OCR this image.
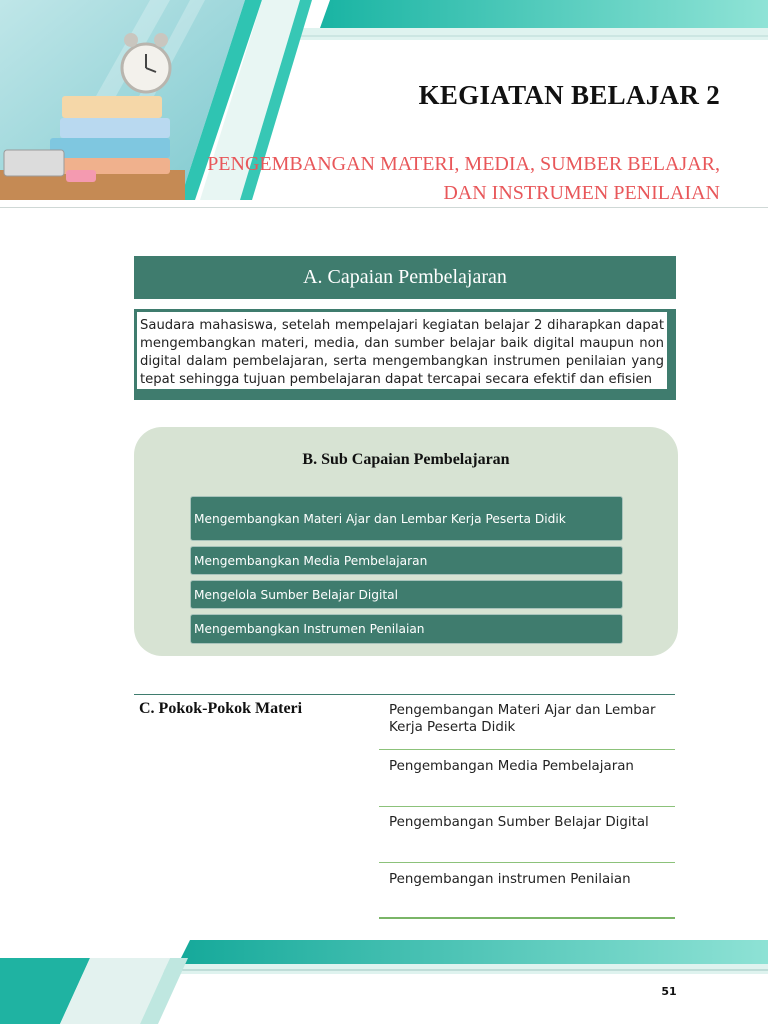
KEGIATAN BELAJAR 2
PENGEMBANGAN MATERI, MEDIA, SUMBER BELAJAR,
DAN INSTRUMEN PENILAIAN
A. Capaian Pembelajaran
Saudara mahasiswa, setelah mempelajari kegiatan belajar 2 diharapkan dapat mengembangkan materi, media, dan sumber belajar baik digital maupun non digital dalam pembelajaran, serta mengembangkan instrumen penilaian yang tepat sehingga tujuan pembelajaran dapat tercapai secara efektif dan efisien
B. Sub Capaian Pembelajaran
Mengembangkan Materi Ajar dan Lembar Kerja Peserta Didik
Mengembangkan Media Pembelajaran
Mengelola Sumber Belajar Digital
Mengembangkan Instrumen Penilaian
C. Pokok-Pokok Materi	Pengembangan Materi Ajar dan Lembar Kerja Peserta Didik
Pengembangan Media Pembelajaran
Pengembangan Sumber Belajar Digital
Pengembangan instrumen Penilaian
51
